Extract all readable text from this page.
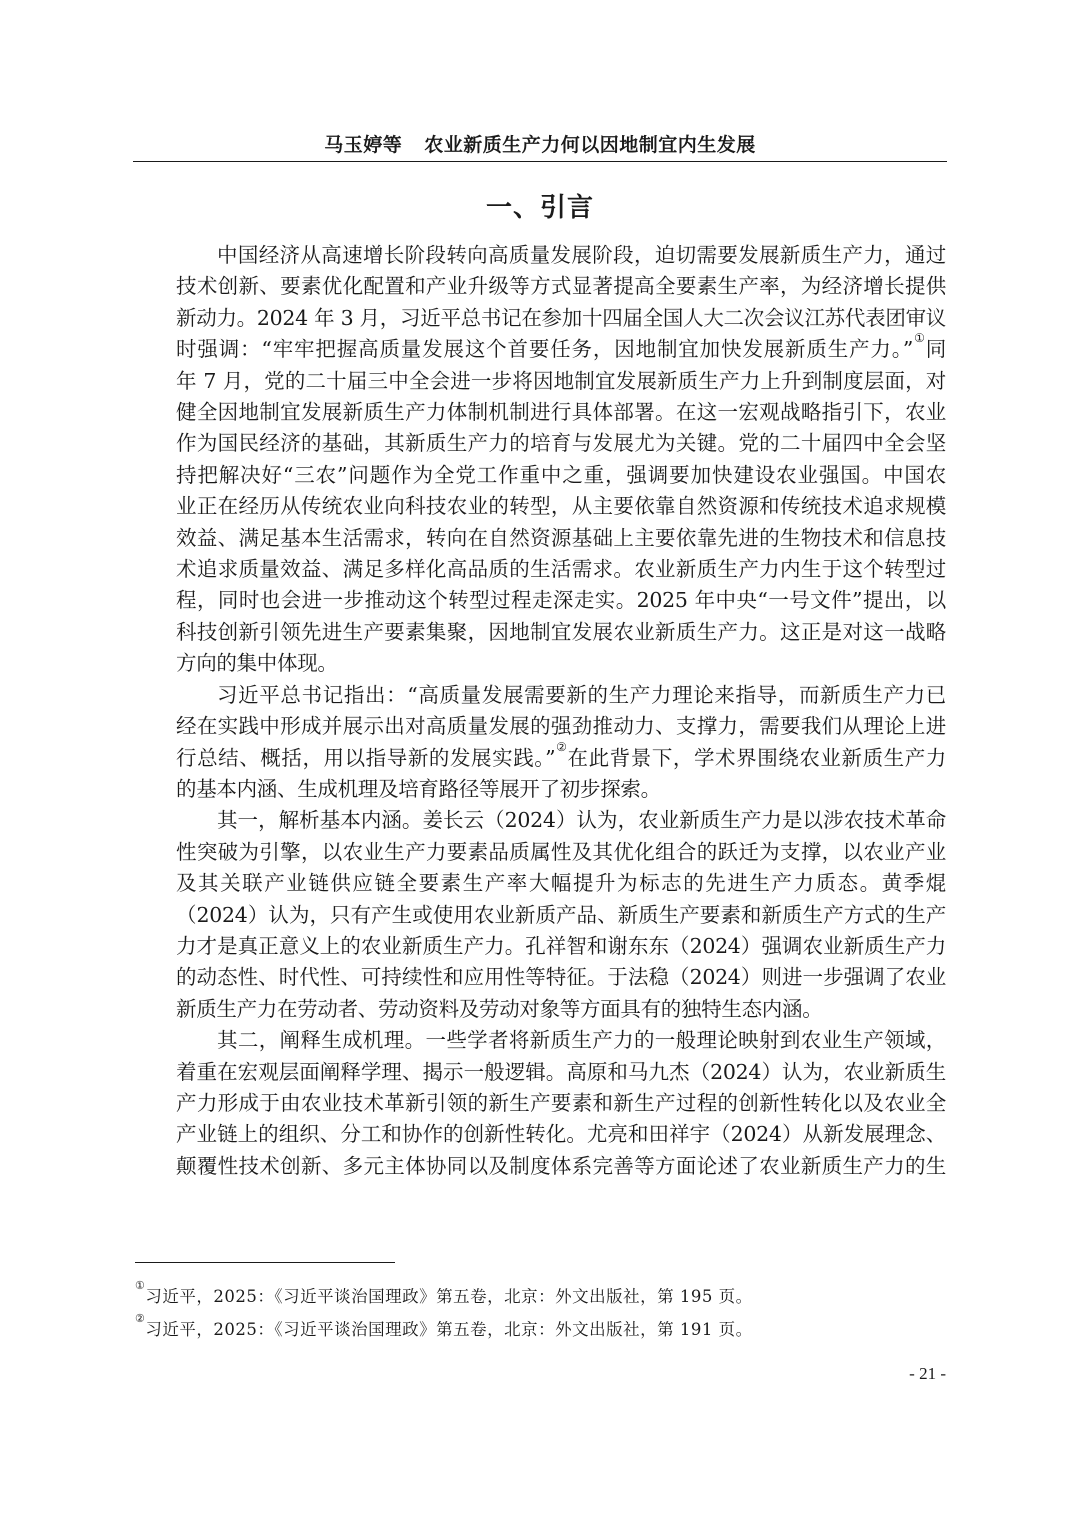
马玉婷等 农业新质生产力何以因地制宜内生发展
一、引言

中国经济从高速增长阶段转向高质量发展阶段，迫切需要发展新质生产力，通过
技术创新、要素优化配置和产业升级等方式显著提高全要素生产率，为经济增长提供
新动力。2024 年 3 月，习近平总书记在参加十四届全国人大二次会议江苏代表团审议
时强调：“牢牢把握高质量发展这个首要任务，因地制宜加快发展新质生产力。”①同
年 7 月，党的二十届三中全会进一步将因地制宜发展新质生产力上升到制度层面，对
健全因地制宜发展新质生产力体制机制进行具体部署。在这一宏观战略指引下，农业
作为国民经济的基础，其新质生产力的培育与发展尤为关键。党的二十届四中全会坚
持把解决好“三农”问题作为全党工作重中之重，强调要加快建设农业强国。中国农
业正在经历从传统农业向科技农业的转型，从主要依靠自然资源和传统技术追求规模
效益、满足基本生活需求，转向在自然资源基础上主要依靠先进的生物技术和信息技
术追求质量效益、满足多样化高品质的生活需求。农业新质生产力内生于这个转型过
程，同时也会进一步推动这个转型过程走深走实。2025 年中央“一号文件”提出，以
科技创新引领先进生产要素集聚，因地制宜发展农业新质生产力。这正是对这一战略
方向的集中体现。

习近平总书记指出：“高质量发展需要新的生产力理论来指导，而新质生产力已
经在实践中形成并展示出对高质量发展的强劲推动力、支撑力，需要我们从理论上进
行总结、概括，用以指导新的发展实践。”②在此背景下，学术界围绕农业新质生产力
的基本内涵、生成机理及培育路径等展开了初步探索。

其一，解析基本内涵。姜长云（2024）认为，农业新质生产力是以涉农技术革命
性突破为引擎，以农业生产力要素品质属性及其优化组合的跃迁为支撑，以农业产业
及其关联产业链供应链全要素生产率大幅提升为标志的先进生产力质态。黄季焜
（2024）认为，只有产生或使用农业新质产品、新质生产要素和新质生产方式的生产
力才是真正意义上的农业新质生产力。孔祥智和谢东东（2024）强调农业新质生产力
的动态性、时代性、可持续性和应用性等特征。于法稳（2024）则进一步强调了农业
新质生产力在劳动者、劳动资料及劳动对象等方面具有的独特生态内涵。

其二，阐释生成机理。一些学者将新质生产力的一般理论映射到农业生产领域，
着重在宏观层面阐释学理、揭示一般逻辑。高原和马九杰（2024）认为，农业新质生
产力形成于由农业技术革新引领的新生产要素和新生产过程的创新性转化以及农业全
产业链上的组织、分工和协作的创新性转化。尤亮和田祥宇（2024）从新发展理念、
颠覆性技术创新、多元主体协同以及制度体系完善等方面论述了农业新质生产力的生

①习近平，2025：《习近平谈治国理政》第五卷，北京：外文出版社，第 195 页。
②习近平，2025：《习近平谈治国理政》第五卷，北京：外文出版社，第 191 页。
- 21 -
